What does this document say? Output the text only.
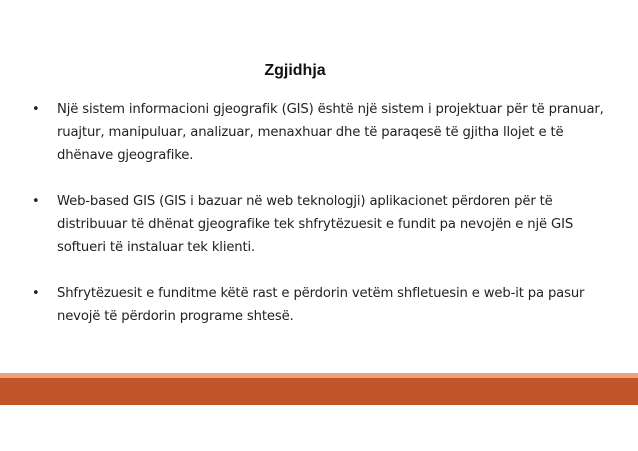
Zgjidhja
• Një sistem informacioni gjeografik (GIS) është një sistem i projektuar për të pranuar, ruajtur, manipuluar, analizuar, menaxhuar dhe të paraqesë të gjitha llojet e të dhënave gjeografike.
• Web-based GIS (GIS i bazuar në web teknologji) aplikacionet përdoren për të distribuuar të dhënat gjeografike tek shfrytëzuesit e fundit pa nevojën e një GIS softueri të instaluar tek klienti.
• Shfrytëzuesit e funditme këtë rast e përdorin vetëm shfletuesin e web-it pa pasur nevojë të përdorin programe shtesë.
